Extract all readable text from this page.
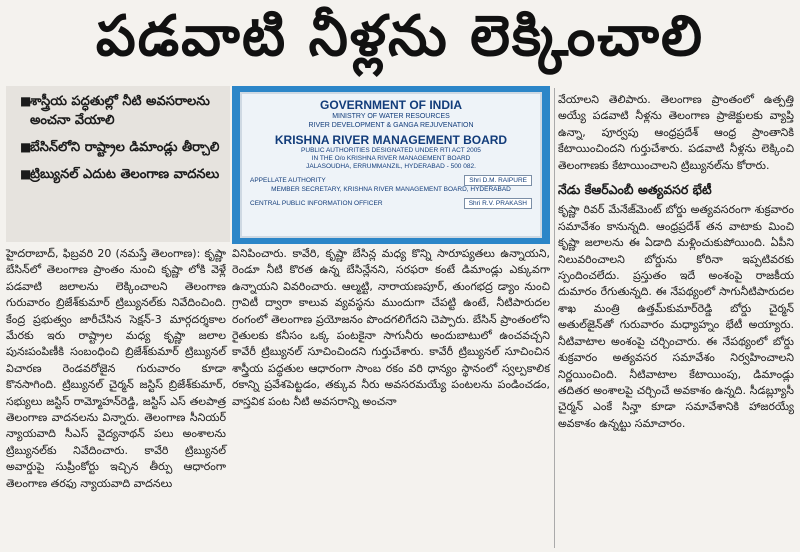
పడవాటి నీళ్లను లెక్కించాలి
■
శాస్త్రీయ పద్ధతుల్లో నీటి అవసరాలను అంచనా వేయాలి
■
బేసిన్‌లోని రాష్ట్రాల డిమాండ్లు తీర్చాలి
■
ట్రిబ్యునల్ ఎదుట తెలంగాణ వాదనలు
GOVERNMENT OF INDIA
MINISTRY OF WATER RESOURCES
RIVER DEVELOPMENT & GANGA REJUVENATION
KRISHNA RIVER MANAGEMENT BOARD
PUBLIC AUTHORITIES DESIGNATED UNDER RTI ACT 2005
IN THE O/o KRISHNA RIVER MANAGEMENT BOARD
JALASOUDHA, ERRUMMANZIL, HYDERABAD - 500 082.
APPELLATE AUTHORITY	Shri D.M. RAIPURE
MEMBER SECRETARY, KRISHNA RIVER MANAGEMENT BOARD, HYDERABAD
CENTRAL PUBLIC INFORMATION OFFICER	Shri R.V. PRAKASH

హైదరాబాద్, ఫిబ్రవరి 20 (నమస్తే తెలంగాణ): కృష్ణా బేసిన్‌లో తెలంగాణ ప్రాంతం నుంచి కృష్ణా లోకి వెళ్లే పడవాటి జలాలను లెక్కించాలని తెలంగాణ గురువారం బ్రిజేశ్‌కుమార్ ట్రిబ్యునల్‌కు నివేదించింది. కేంద్ర ప్రభుత్వం జారీచేసిన సెక్షన్-3 మార్గదర్శకాల మేరకు ఇరు రాష్ట్రాల మధ్య కృష్ణా జలాల పునఃపంపిణీకి సంబంధించి బ్రిజేశ్‌కుమార్ ట్రిబ్యునల్ విచారణ రెండవరోజైన గురువారం కూడా కొనసాగింది. ట్రిబ్యునల్ చైర్మన్ జస్టిస్ బ్రిజేశ్‌కుమార్, సభ్యులు జస్టిస్ రామ్మోహన్‌రెడ్డి, జస్టిస్ ఎస్ తలపాత్ర తెలంగాణ వాదనలను విన్నారు. తెలంగాణ సీనియర్ న్యాయవాది సీఎస్ వైద్యనాథన్ పలు అంశాలను ట్రిబ్యునల్‌కు నివేదించారు. కావేరి ట్రిబ్యునల్ అవార్డుపై సుప్రీంకోర్టు ఇచ్చిన తీర్పు ఆధారంగా తెలంగాణ తరఫు న్యాయవాది వాదనలు

వినిపించారు. కావేరి, కృష్ణా బేసిన్ల మధ్య కొన్ని సారూప్యతలు ఉన్నాయని, రెండూ నీటి కొరత ఉన్న బేసిన్లేనని, సరఫరా కంటే డిమాండ్లు ఎక్కువగా ఉన్నాయని వివరించారు. ఆల్మట్టి, నారాయణపూర్, తుంగభద్ర డ్యాం నుంచి గ్రావిటీ ద్వారా కాలువ వ్యవస్థను ముందుగా చేపట్టి ఉంటే, నీటిపారుదల రంగంలో తెలంగాణ ప్రయోజనం పొందగలిగేదని చెప్పారు. బేసిన్ ప్రాంతంలోని రైతులకు కనీసం ఒక్క పంటకైనా సాగునీరు అందుబాటులో ఉంచవచ్చని కావేరీ ట్రిబ్యునల్ సూచించిందని గుర్తుచేశారు. కావేరీ ట్రిబ్యునల్ సూచించిన శాస్త్రీయ పద్ధతుల ఆధారంగా సాంబ రకం వరి ధాన్యం స్థానంలో స్వల్పకాలిక రకాన్ని ప్రవేశపెట్టడం, తక్కువ నీరు అవసరమయ్యే పంటలను పండించడం, వాస్తవిక పంట నీటి అవసరాన్ని అంచనా

వేయాలని తెలిపారు. తెలంగాణ ప్రాంతంలో ఉత్పత్తి అయ్యే పడవాటి నీళ్లను తెలంగాణ ప్రాజెక్టులకు వ్యాప్తి ఉన్నా, పూర్వపు ఆంధ్రప్రదేశ్ ఆంధ్ర ప్రాంతానికి కేటాయించిందని గుర్తుచేశారు. పడవాటి నీళ్లను లెక్కించి తెలంగాణకు కేటాయించాలని ట్రిబ్యునల్‌ను కోరారు.

నేడు కేఆర్‌ఎంబీ అత్యవసర భేటీ

కృష్ణా రివర్ మేనేజ్‌మెంట్ బోర్డు అత్యవసరంగా శుక్రవారం సమావేశం కానున్నది. ఆంధ్రప్రదేశ్ తన వాటాకు మించి కృష్ణా జలాలను ఈ ఏడాది మళ్లించుకుపోయింది. ఏపీని నిలువరించాలని బోర్డును కోరినా ఇప్పటివరకు స్పందించలేదు. ప్రస్తుతం ఇదే అంశంపై రాజకీయ దుమారం రేగుతున్నది. ఈ నేపథ్యంలో సాగునీటిపారుదల శాఖ మంత్రి ఉత్తమ్‌కుమార్‌రెడ్డి బోర్డు చైర్మన్ అతుల్‌జైన్‌తో గురువారం మధ్యాహ్నం భేటీ అయ్యారు. నీటివాటాల అంశంపై చర్చించారు. ఈ నేపథ్యంలో బోర్డు శుక్రవారం అత్యవసర సమావేశం నిర్వహించాలని నిర్ణయించింది. నీటివాటాల కేటాయింపు, డిమాండ్లు తదితర అంశాలపై చర్చించే అవకాశం ఉన్నది. సీడబ్ల్యూసీ చైర్మన్ ఎంకే సిన్హా కూడా సమావేశానికి హాజరయ్యే అవకాశం ఉన్నట్టు సమాచారం.
